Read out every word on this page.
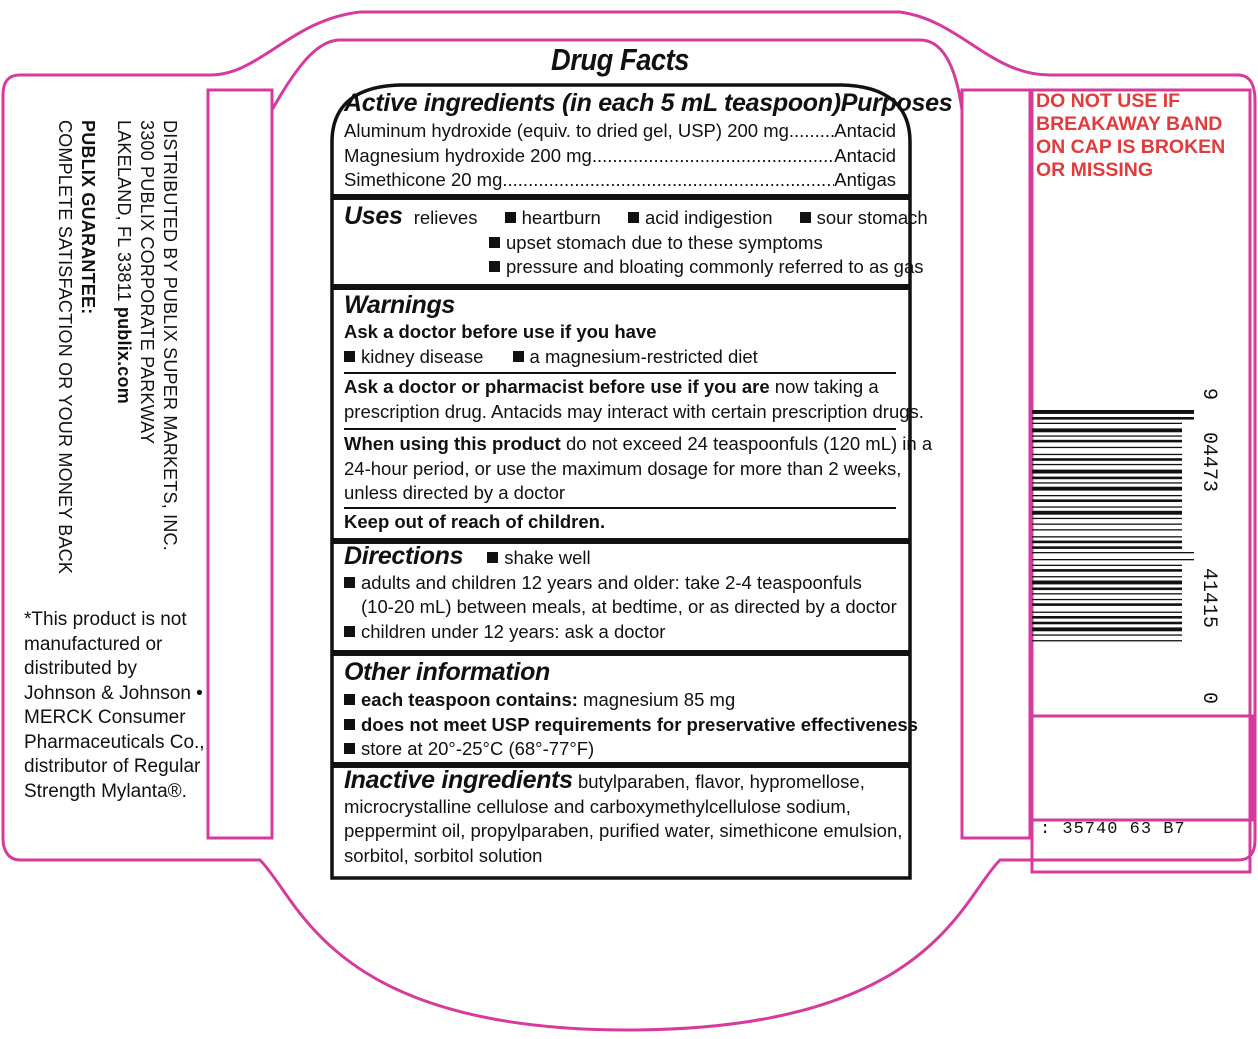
DISTRIBUTED BY PUBLIX SUPER MARKETS, INC.
3300 PUBLIX CORPORATE PARKWAY
LAKELAND, FL 33811 publix.com
PUBLIX GUARANTEE:
COMPLETE SATISFACTION OR YOUR MONEY BACK
*This product is not manufactured or distributed by Johnson & Johnson • MERCK Consumer Pharmaceuticals Co., distributor of Regular Strength Mylanta®.
Drug Facts
Active ingredients (in each 5 mL teaspoon) Purposes
Aluminum hydroxide (equiv. to dried gel, USP) 200 mg ..... Antacid
Magnesium hydroxide 200 mg .....	Antacid
Simethicone 20 mg .....	Antigas
Uses relieves heartburn acid indigestion sour stomach
upset stomach due to these symptoms
pressure and bloating commonly referred to as gas
Warnings
Ask a doctor before use if you have
kidney disease a magnesium-restricted diet
Ask a doctor or pharmacist before use if you are now taking a
prescription drug. Antacids may interact with certain prescription drugs.
When using this product do not exceed 24 teaspoonfuls (120 mL) in a
24-hour period, or use the maximum dosage for more than 2 weeks,
unless directed by a doctor
Keep out of reach of children.
Directions shake well
adults and children 12 years and older: take 2-4 teaspoonfuls
(10-20 mL) between meals, at bedtime, or as directed by a doctor
children under 12 years: ask a doctor
Other information
each teaspoon contains: magnesium 85 mg
does not meet USP requirements for preservative effectiveness
store at 20°-25°C (68°-77°F)
Inactive ingredients butylparaben, flavor, hypromellose,
microcrystalline cellulose and carboxymethylcellulose sodium,
peppermint oil, propylparaben, purified water, simethicone emulsion,
sorbitol, sorbitol solution
DO NOT USE IF BREAKAWAY BAND ON CAP IS BROKEN OR MISSING
9
04473
41415
0
: 35740 63 B7
